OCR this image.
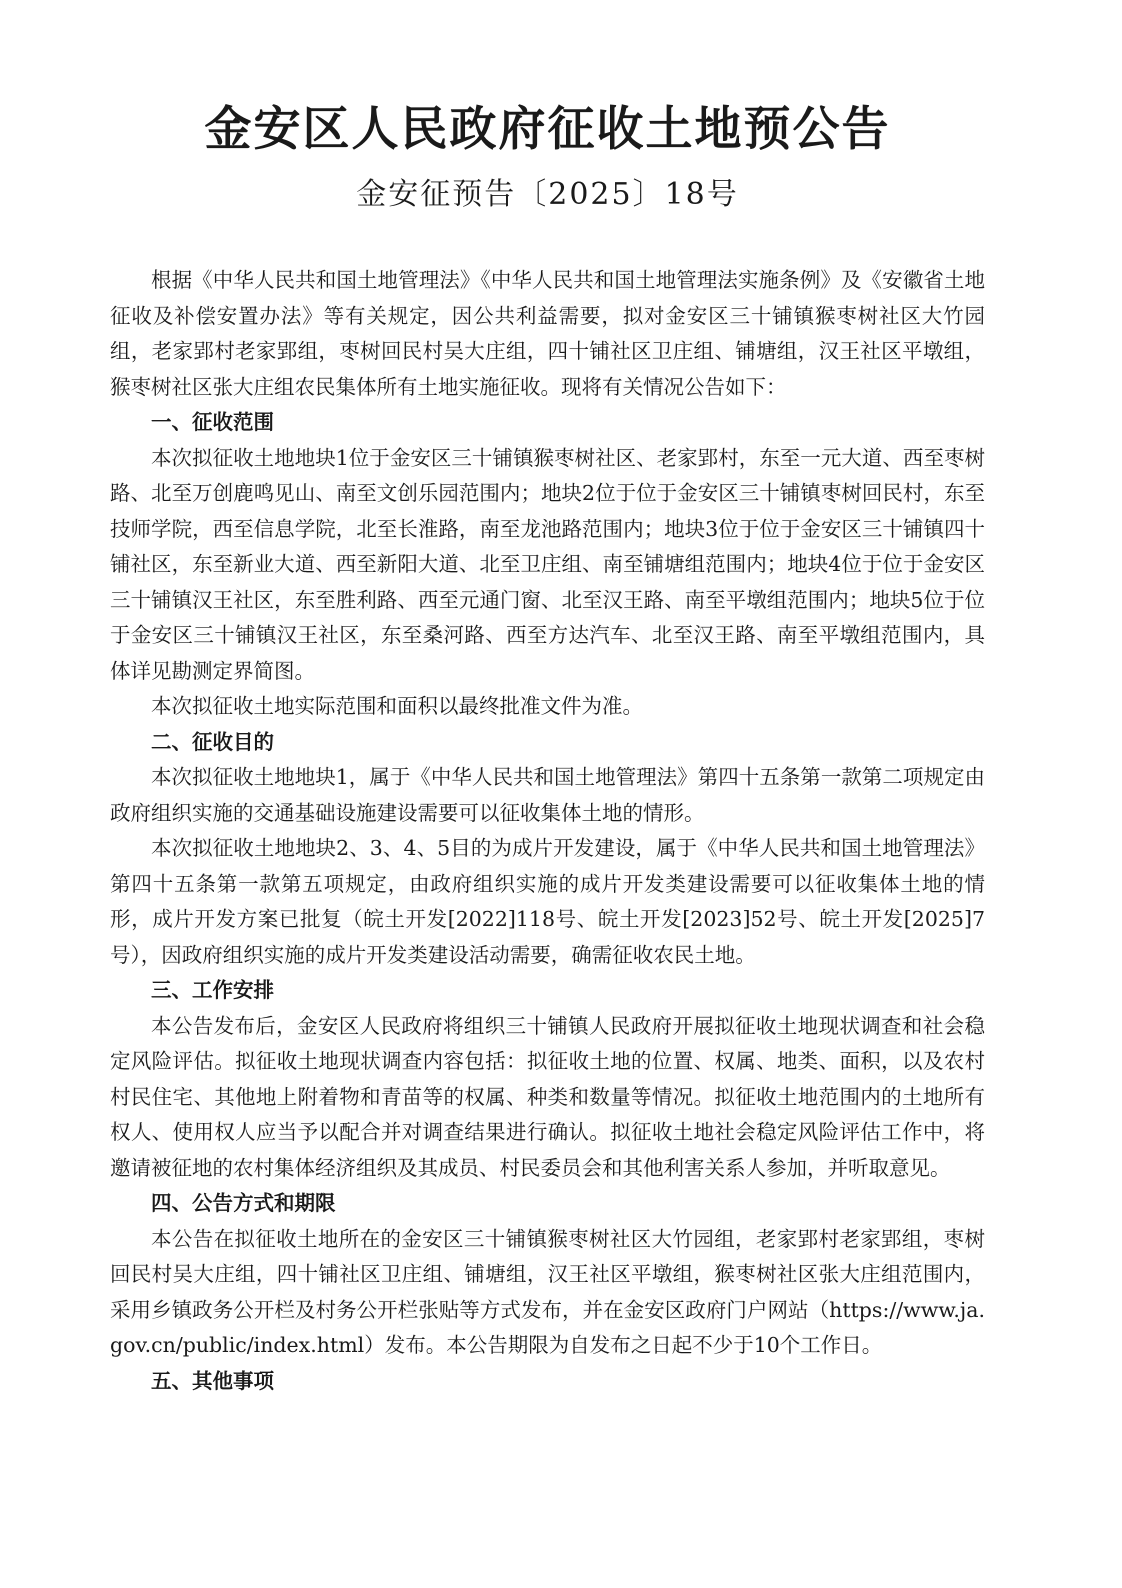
金安区人民政府征收土地预公告
金安征预告〔2025〕18号

根据《中华人民共和国土地管理法》《中华人民共和国土地管理法实施条例》及《安徽省土地征收及补偿安置办法》等有关规定，因公共利益需要，拟对金安区三十铺镇猴枣树社区大竹园组，老家郢村老家郢组，枣树回民村吴大庄组，四十铺社区卫庄组、铺塘组，汉王社区平墩组，猴枣树社区张大庄组农民集体所有土地实施征收。现将有关情况公告如下：

一、征收范围

本次拟征收土地地块1位于金安区三十铺镇猴枣树社区、老家郢村，东至一元大道、西至枣树路、北至万创鹿鸣见山、南至文创乐园范围内；地块2位于位于金安区三十铺镇枣树回民村，东至技师学院，西至信息学院，北至长淮路，南至龙池路范围内；地块3位于位于金安区三十铺镇四十铺社区，东至新业大道、西至新阳大道、北至卫庄组、南至铺塘组范围内；地块4位于位于金安区三十铺镇汉王社区，东至胜利路、西至元通门窗、北至汉王路、南至平墩组范围内；地块5位于位于金安区三十铺镇汉王社区，东至桑河路、西至方达汽车、北至汉王路、南至平墩组范围内，具体详见勘测定界简图。

本次拟征收土地实际范围和面积以最终批准文件为准。

二、征收目的

本次拟征收土地地块1，属于《中华人民共和国土地管理法》第四十五条第一款第二项规定由政府组织实施的交通基础设施建设需要可以征收集体土地的情形。

本次拟征收土地地块2、3、4、5目的为成片开发建设，属于《中华人民共和国土地管理法》第四十五条第一款第五项规定，由政府组织实施的成片开发类建设需要可以征收集体土地的情形，成片开发方案已批复（皖土开发[2022]118号、皖土开发[2023]52号、皖土开发[2025]7号），因政府组织实施的成片开发类建设活动需要，确需征收农民土地。

三、工作安排

本公告发布后，金安区人民政府将组织三十铺镇人民政府开展拟征收土地现状调查和社会稳定风险评估。拟征收土地现状调查内容包括：拟征收土地的位置、权属、地类、面积，以及农村村民住宅、其他地上附着物和青苗等的权属、种类和数量等情况。拟征收土地范围内的土地所有权人、使用权人应当予以配合并对调查结果进行确认。拟征收土地社会稳定风险评估工作中，将邀请被征地的农村集体经济组织及其成员、村民委员会和其他利害关系人参加，并听取意见。

四、公告方式和期限

本公告在拟征收土地所在的金安区三十铺镇猴枣树社区大竹园组，老家郢村老家郢组，枣树回民村吴大庄组，四十铺社区卫庄组、铺塘组，汉王社区平墩组，猴枣树社区张大庄组范围内，采用乡镇政务公开栏及村务公开栏张贴等方式发布，并在金安区政府门户网站（https://www.ja.gov.cn/public/index.html）发布。本公告期限为自发布之日起不少于10个工作日。

五、其他事项
